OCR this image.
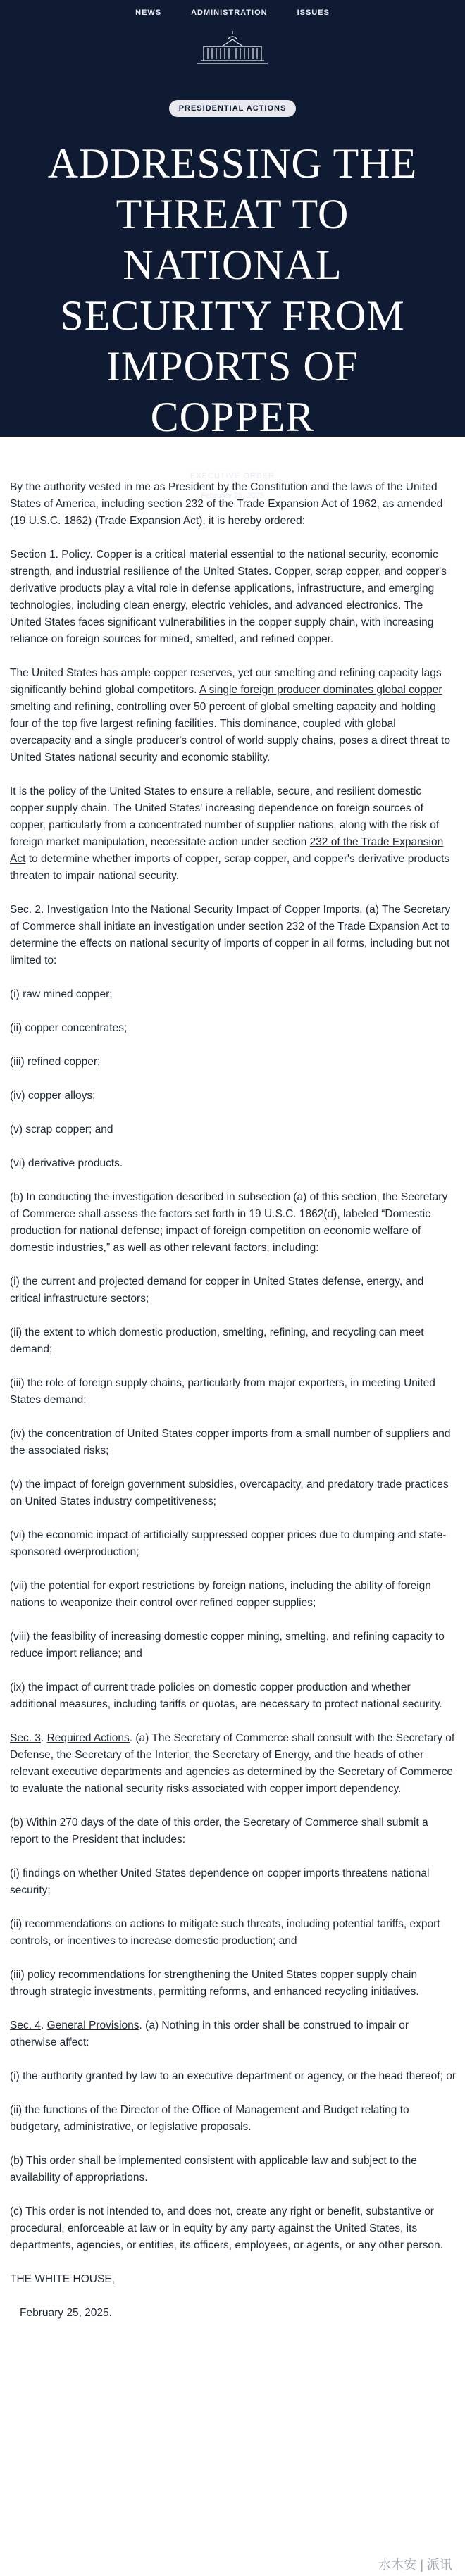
NEWS	ADMINISTRATION	ISSUES
PRESIDENTIAL ACTIONS
ADDRESSING THE THREAT TO NATIONAL SECURITY FROM IMPORTS OF COPPER
EXECUTIVE ORDER
February 25, 2025

By the authority vested in me as President by the Constitution and the laws of the United States of America, including section 232 of the Trade Expansion Act of 1962, as amended (19 U.S.C. 1862) (Trade Expansion Act), it is hereby ordered:

Section 1. Policy. Copper is a critical material essential to the national security, economic strength, and industrial resilience of the United States. Copper, scrap copper, and copper's derivative products play a vital role in defense applications, infrastructure, and emerging technologies, including clean energy, electric vehicles, and advanced electronics. The United States faces significant vulnerabilities in the copper supply chain, with increasing reliance on foreign sources for mined, smelted, and refined copper.

The United States has ample copper reserves, yet our smelting and refining capacity lags significantly behind global competitors. A single foreign producer dominates global copper smelting and refining, controlling over 50 percent of global smelting capacity and holding four of the top five largest refining facilities. This dominance, coupled with global overcapacity and a single producer's control of world supply chains, poses a direct threat to United States national security and economic stability.

It is the policy of the United States to ensure a reliable, secure, and resilient domestic copper supply chain. The United States' increasing dependence on foreign sources of copper, particularly from a concentrated number of supplier nations, along with the risk of foreign market manipulation, necessitate action under section 232 of the Trade Expansion Act to determine whether imports of copper, scrap copper, and copper's derivative products threaten to impair national security.

Sec. 2. Investigation Into the National Security Impact of Copper Imports. (a) The Secretary of Commerce shall initiate an investigation under section 232 of the Trade Expansion Act to determine the effects on national security of imports of copper in all forms, including but not limited to:

(i) raw mined copper;

(ii) copper concentrates;

(iii) refined copper;

(iv) copper alloys;

(v) scrap copper; and

(vi) derivative products.

(b) In conducting the investigation described in subsection (a) of this section, the Secretary of Commerce shall assess the factors set forth in 19 U.S.C. 1862(d), labeled “Domestic production for national defense; impact of foreign competition on economic welfare of domestic industries,” as well as other relevant factors, including:

(i) the current and projected demand for copper in United States defense, energy, and critical infrastructure sectors;

(ii) the extent to which domestic production, smelting, refining, and recycling can meet demand;

(iii) the role of foreign supply chains, particularly from major exporters, in meeting United States demand;

(iv) the concentration of United States copper imports from a small number of suppliers and the associated risks;

(v) the impact of foreign government subsidies, overcapacity, and predatory trade practices on United States industry competitiveness;

(vi) the economic impact of artificially suppressed copper prices due to dumping and state-sponsored overproduction;

(vii) the potential for export restrictions by foreign nations, including the ability of foreign nations to weaponize their control over refined copper supplies;

(viii) the feasibility of increasing domestic copper mining, smelting, and refining capacity to reduce import reliance; and

(ix) the impact of current trade policies on domestic copper production and whether additional measures, including tariffs or quotas, are necessary to protect national security.

Sec. 3. Required Actions. (a) The Secretary of Commerce shall consult with the Secretary of Defense, the Secretary of the Interior, the Secretary of Energy, and the heads of other relevant executive departments and agencies as determined by the Secretary of Commerce to evaluate the national security risks associated with copper import dependency.

(b) Within 270 days of the date of this order, the Secretary of Commerce shall submit a report to the President that includes:

(i) findings on whether United States dependence on copper imports threatens national security;

(ii) recommendations on actions to mitigate such threats, including potential tariffs, export controls, or incentives to increase domestic production; and

(iii) policy recommendations for strengthening the United States copper supply chain through strategic investments, permitting reforms, and enhanced recycling initiatives.

Sec. 4. General Provisions. (a) Nothing in this order shall be construed to impair or otherwise affect:

(i) the authority granted by law to an executive department or agency, or the head thereof; or

(ii) the functions of the Director of the Office of Management and Budget relating to budgetary, administrative, or legislative proposals.

(b) This order shall be implemented consistent with applicable law and subject to the availability of appropriations.

(c) This order is not intended to, and does not, create any right or benefit, substantive or procedural, enforceable at law or in equity by any party against the United States, its departments, agencies, or entities, its officers, employees, or agents, or any other person.

THE WHITE HOUSE,

February 25, 2025.

水木安 | 派讯
